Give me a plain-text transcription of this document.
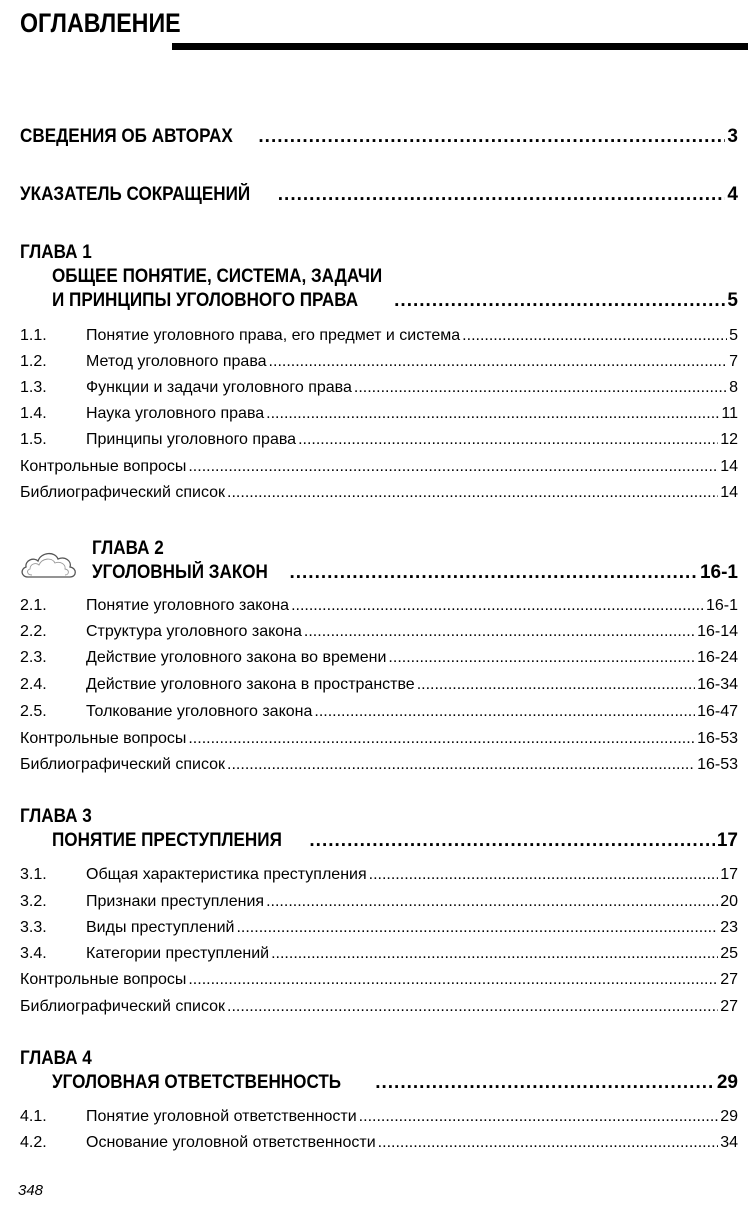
ОГЛАВЛЕНИЕ
СВЕДЕНИЯ ОБ АВТОРАХ .....	3
УКАЗАТЕЛЬ СОКРАЩЕНИЙ .....	4
ГЛАВА 1
ОБЩЕЕ ПОНЯТИЕ, СИСТЕМА, ЗАДАЧИ
И ПРИНЦИПЫ УГОЛОВНОГО ПРАВА .....	5
1.1. Понятие уголовного права, его предмет и система .....	5
1.2. Метод уголовного права .....	7
1.3. Функции и задачи уголовного права .....	8
1.4. Наука уголовного права .....	11
1.5. Принципы уголовного права .....	12
Контрольные вопросы .....	14
Библиографический список .....	14
ГЛАВА 2
УГОЛОВНЫЙ ЗАКОН .....	16-1
2.1. Понятие уголовного закона .....	16-1
2.2. Структура уголовного закона .....	16-14
2.3. Действие уголовного закона во времени .....	16-24
2.4. Действие уголовного закона в пространстве .....	16-34
2.5. Толкование уголовного закона .....	16-47
Контрольные вопросы .....	16-53
Библиографический список .....	16-53
ГЛАВА 3
ПОНЯТИЕ ПРЕСТУПЛЕНИЯ .....	17
3.1. Общая характеристика преступления .....	17
3.2. Признаки преступления .....	20
3.3. Виды преступлений .....	23
3.4. Категории преступлений .....	25
Контрольные вопросы .....	27
Библиографический список .....	27
ГЛАВА 4
УГОЛОВНАЯ ОТВЕТСТВЕННОСТЬ .....	29
4.1. Понятие уголовной ответственности .....	29
4.2. Основание уголовной ответственности .....	34
348
